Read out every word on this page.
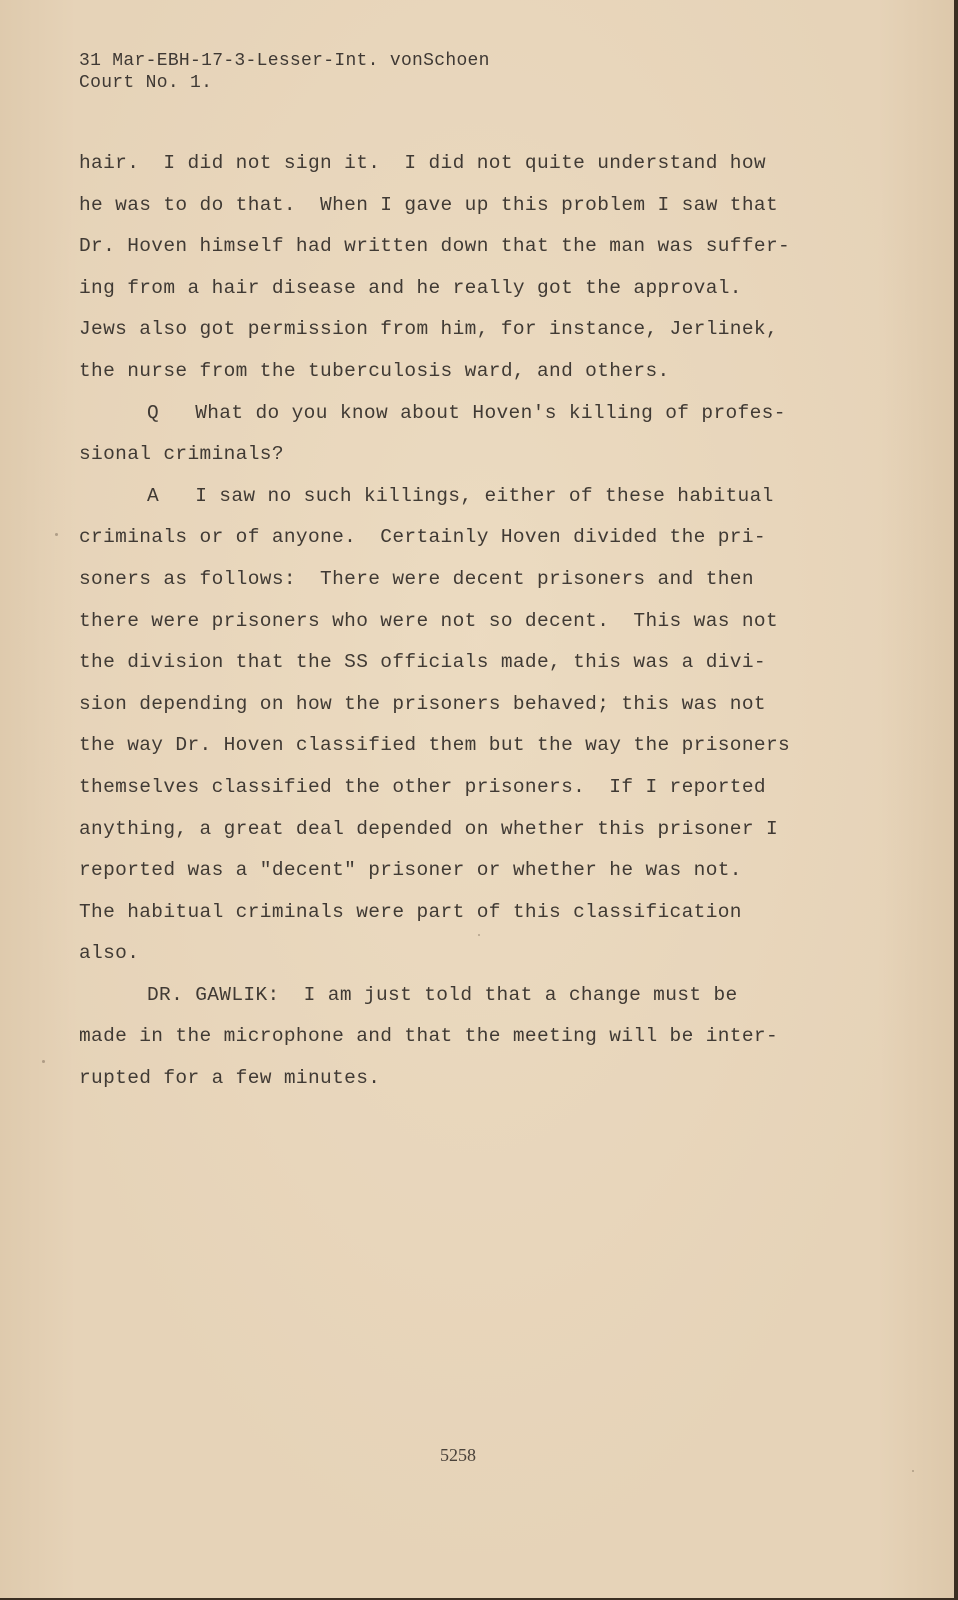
31 Mar-EBH-17-3-Lesser-Int. vonSchoen
Court No. 1.
hair.  I did not sign it.  I did not quite understand how
he was to do that.  When I gave up this problem I saw that
Dr. Hoven himself had written down that the man was suffer-
ing from a hair disease and he really got the approval.
Jews also got permission from him, for instance, Jerlinek,
the nurse from the tuberculosis ward, and others.
Q   What do you know about Hoven's killing of profes-
sional criminals?
A   I saw no such killings, either of these habitual
criminals or of anyone.  Certainly Hoven divided the pri-
soners as follows:  There were decent prisoners and then
there were prisoners who were not so decent.  This was not
the division that the SS officials made, this was a divi-
sion depending on how the prisoners behaved; this was not
the way Dr. Hoven classified them but the way the prisoners
themselves classified the other prisoners.  If I reported
anything, a great deal depended on whether this prisoner I
reported was a "decent" prisoner or whether he was not.
The habitual criminals were part of this classification
also.
DR. GAWLIK:  I am just told that a change must be
made in the microphone and that the meeting will be inter-
rupted for a few minutes.
5258
